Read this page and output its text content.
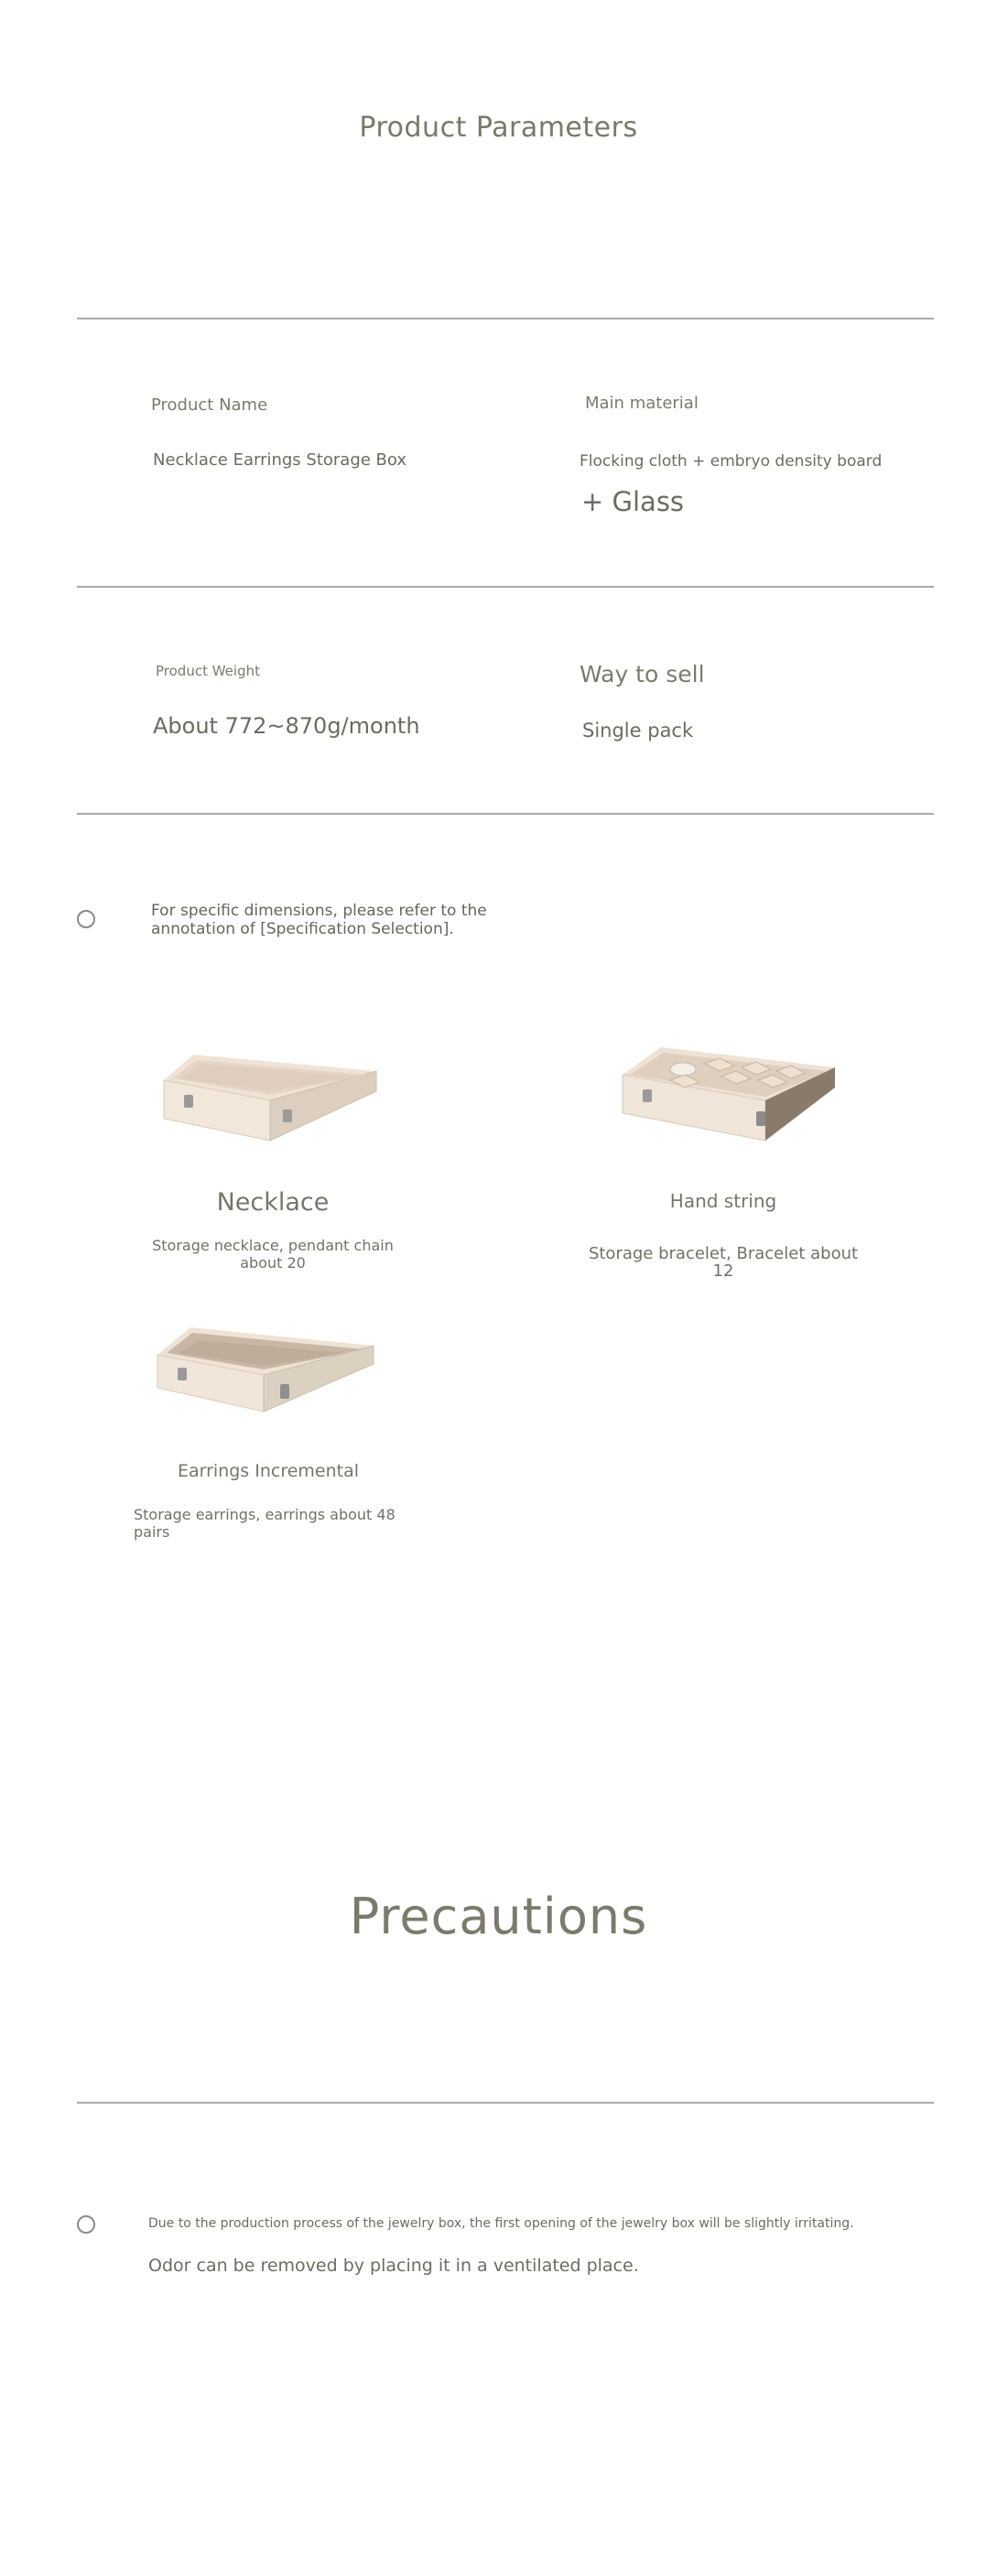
Product Parameters
Product Name
Necklace Earrings Storage Box
Main material
Flocking cloth + embryo density board
+ Glass
Product Weight
About 772~870g/month
Way to sell
Single pack
For specific dimensions, please refer to the annotation of [Specification Selection].
Necklace
Storage necklace, pendant chain about 20
Hand string
Storage bracelet, Bracelet about 12
Earrings Incremental
Storage earrings, earrings about 48 pairs
Precautions
Due to the production process of the jewelry box, the first opening of the jewelry box will be slightly irritating.
Odor can be removed by placing it in a ventilated place.
